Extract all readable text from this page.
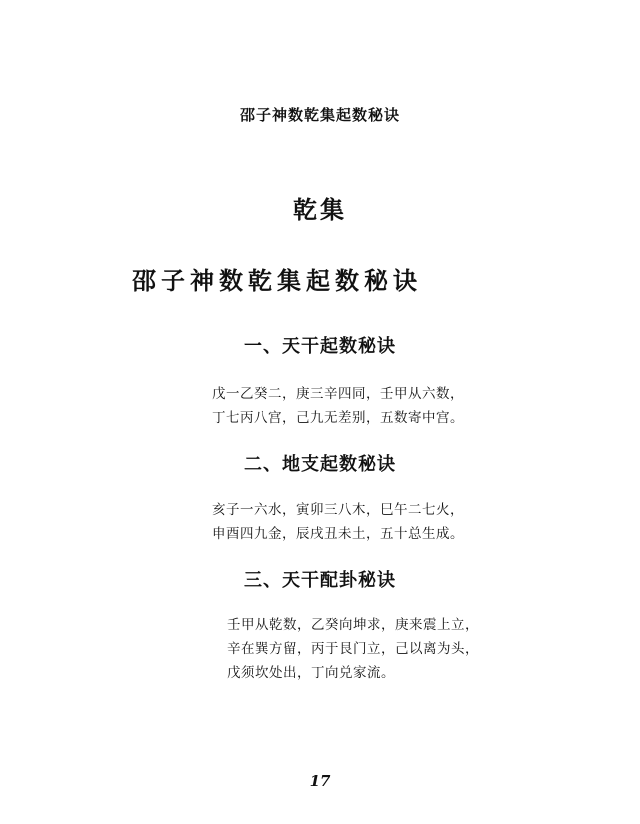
邵子神数乾集起数秘诀
乾集
邵子神数乾集起数秘诀
一、天干起数秘诀
戊一乙癸二，庚三辛四同，壬甲从六数，
丁七丙八宫，己九无差别，五数寄中宫。
二、地支起数秘诀
亥子一六水，寅卯三八木，巳午二七火，
申酉四九金，辰戌丑未土，五十总生成。
三、天干配卦秘诀
壬甲从乾数，乙癸向坤求，庚来震上立，
辛在巽方留，丙于艮门立，己以离为头，
戊须坎处出，丁向兑家流。
17
